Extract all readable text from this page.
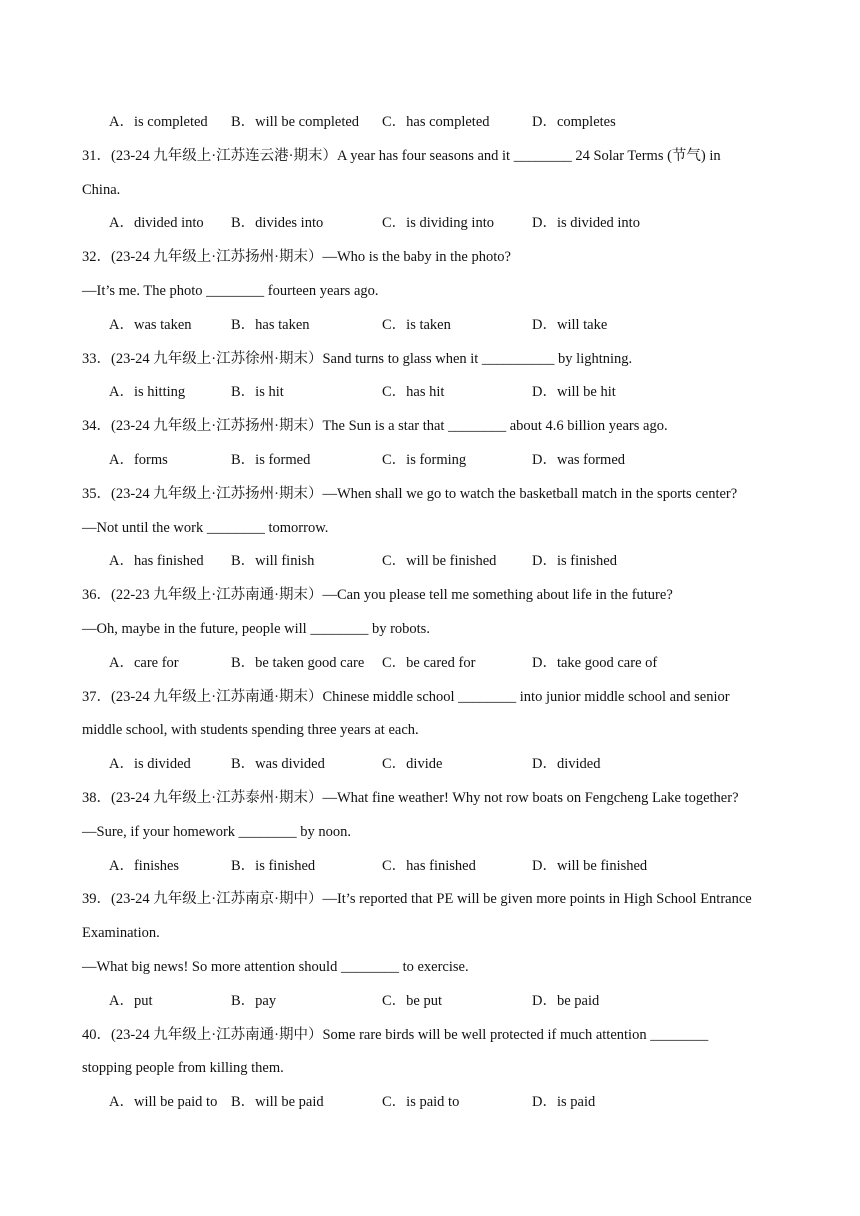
A．is completed B．will be completed C．has completed	D．completes
31．(23-24 九年级上·江苏连云港·期末）A year has four seasons and it ________ 24 Solar Terms (节气) in
China.
A．divided into B．divides into	C．is dividing into	D．is divided into
32．(23-24 九年级上·江苏扬州·期末）—Who is the baby in the photo?
—It’s me. The photo ________ fourteen years ago.
A．was taken	B．has taken	C．is taken	D．will take
33．(23-24 九年级上·江苏徐州·期末）Sand turns to glass when it __________ by lightning.
A．is hitting	B．is hit	C．has hit	D．will be hit
34．(23-24 九年级上·江苏扬州·期末）The Sun is a star that ________ about 4.6 billion years ago.
A．forms	B．is formed	C．is forming	D．was formed
35．(23-24 九年级上·江苏扬州·期末）—When shall we go to watch the basketball match in the sports center?
—Not until the work ________ tomorrow.
A．has finished B．will finish	C．will be finished D．is finished
36．(22-23 九年级上·江苏南通·期末）—Can you please tell me something about life in the future?
—Oh, maybe in the future, people will ________ by robots.
A．care for	B．be taken good care C．be cared for	D．take good care of
37．(23-24 九年级上·江苏南通·期末）Chinese middle school ________ into junior middle school and senior
middle school, with students spending three years at each.
A．is divided	B．was divided	C．divide	D．divided
38．(23-24 九年级上·江苏泰州·期末）—What fine weather! Why not row boats on Fengcheng Lake together?
—Sure, if your homework ________ by noon.
A．finishes	B．is finished	C．has finished	D．will be finished
39．(23-24 九年级上·江苏南京·期中）—It’s reported that PE will be given more points in High School Entrance
Examination.
—What big news! So more attention should ________ to exercise.
A．put	B．pay	C．be put	D．be paid
40．(23-24 九年级上·江苏南通·期中）Some rare birds will be well protected if much attention ________
stopping people from killing them.
A．will be paid to B．will be paid	C．is paid to	D．is paid
